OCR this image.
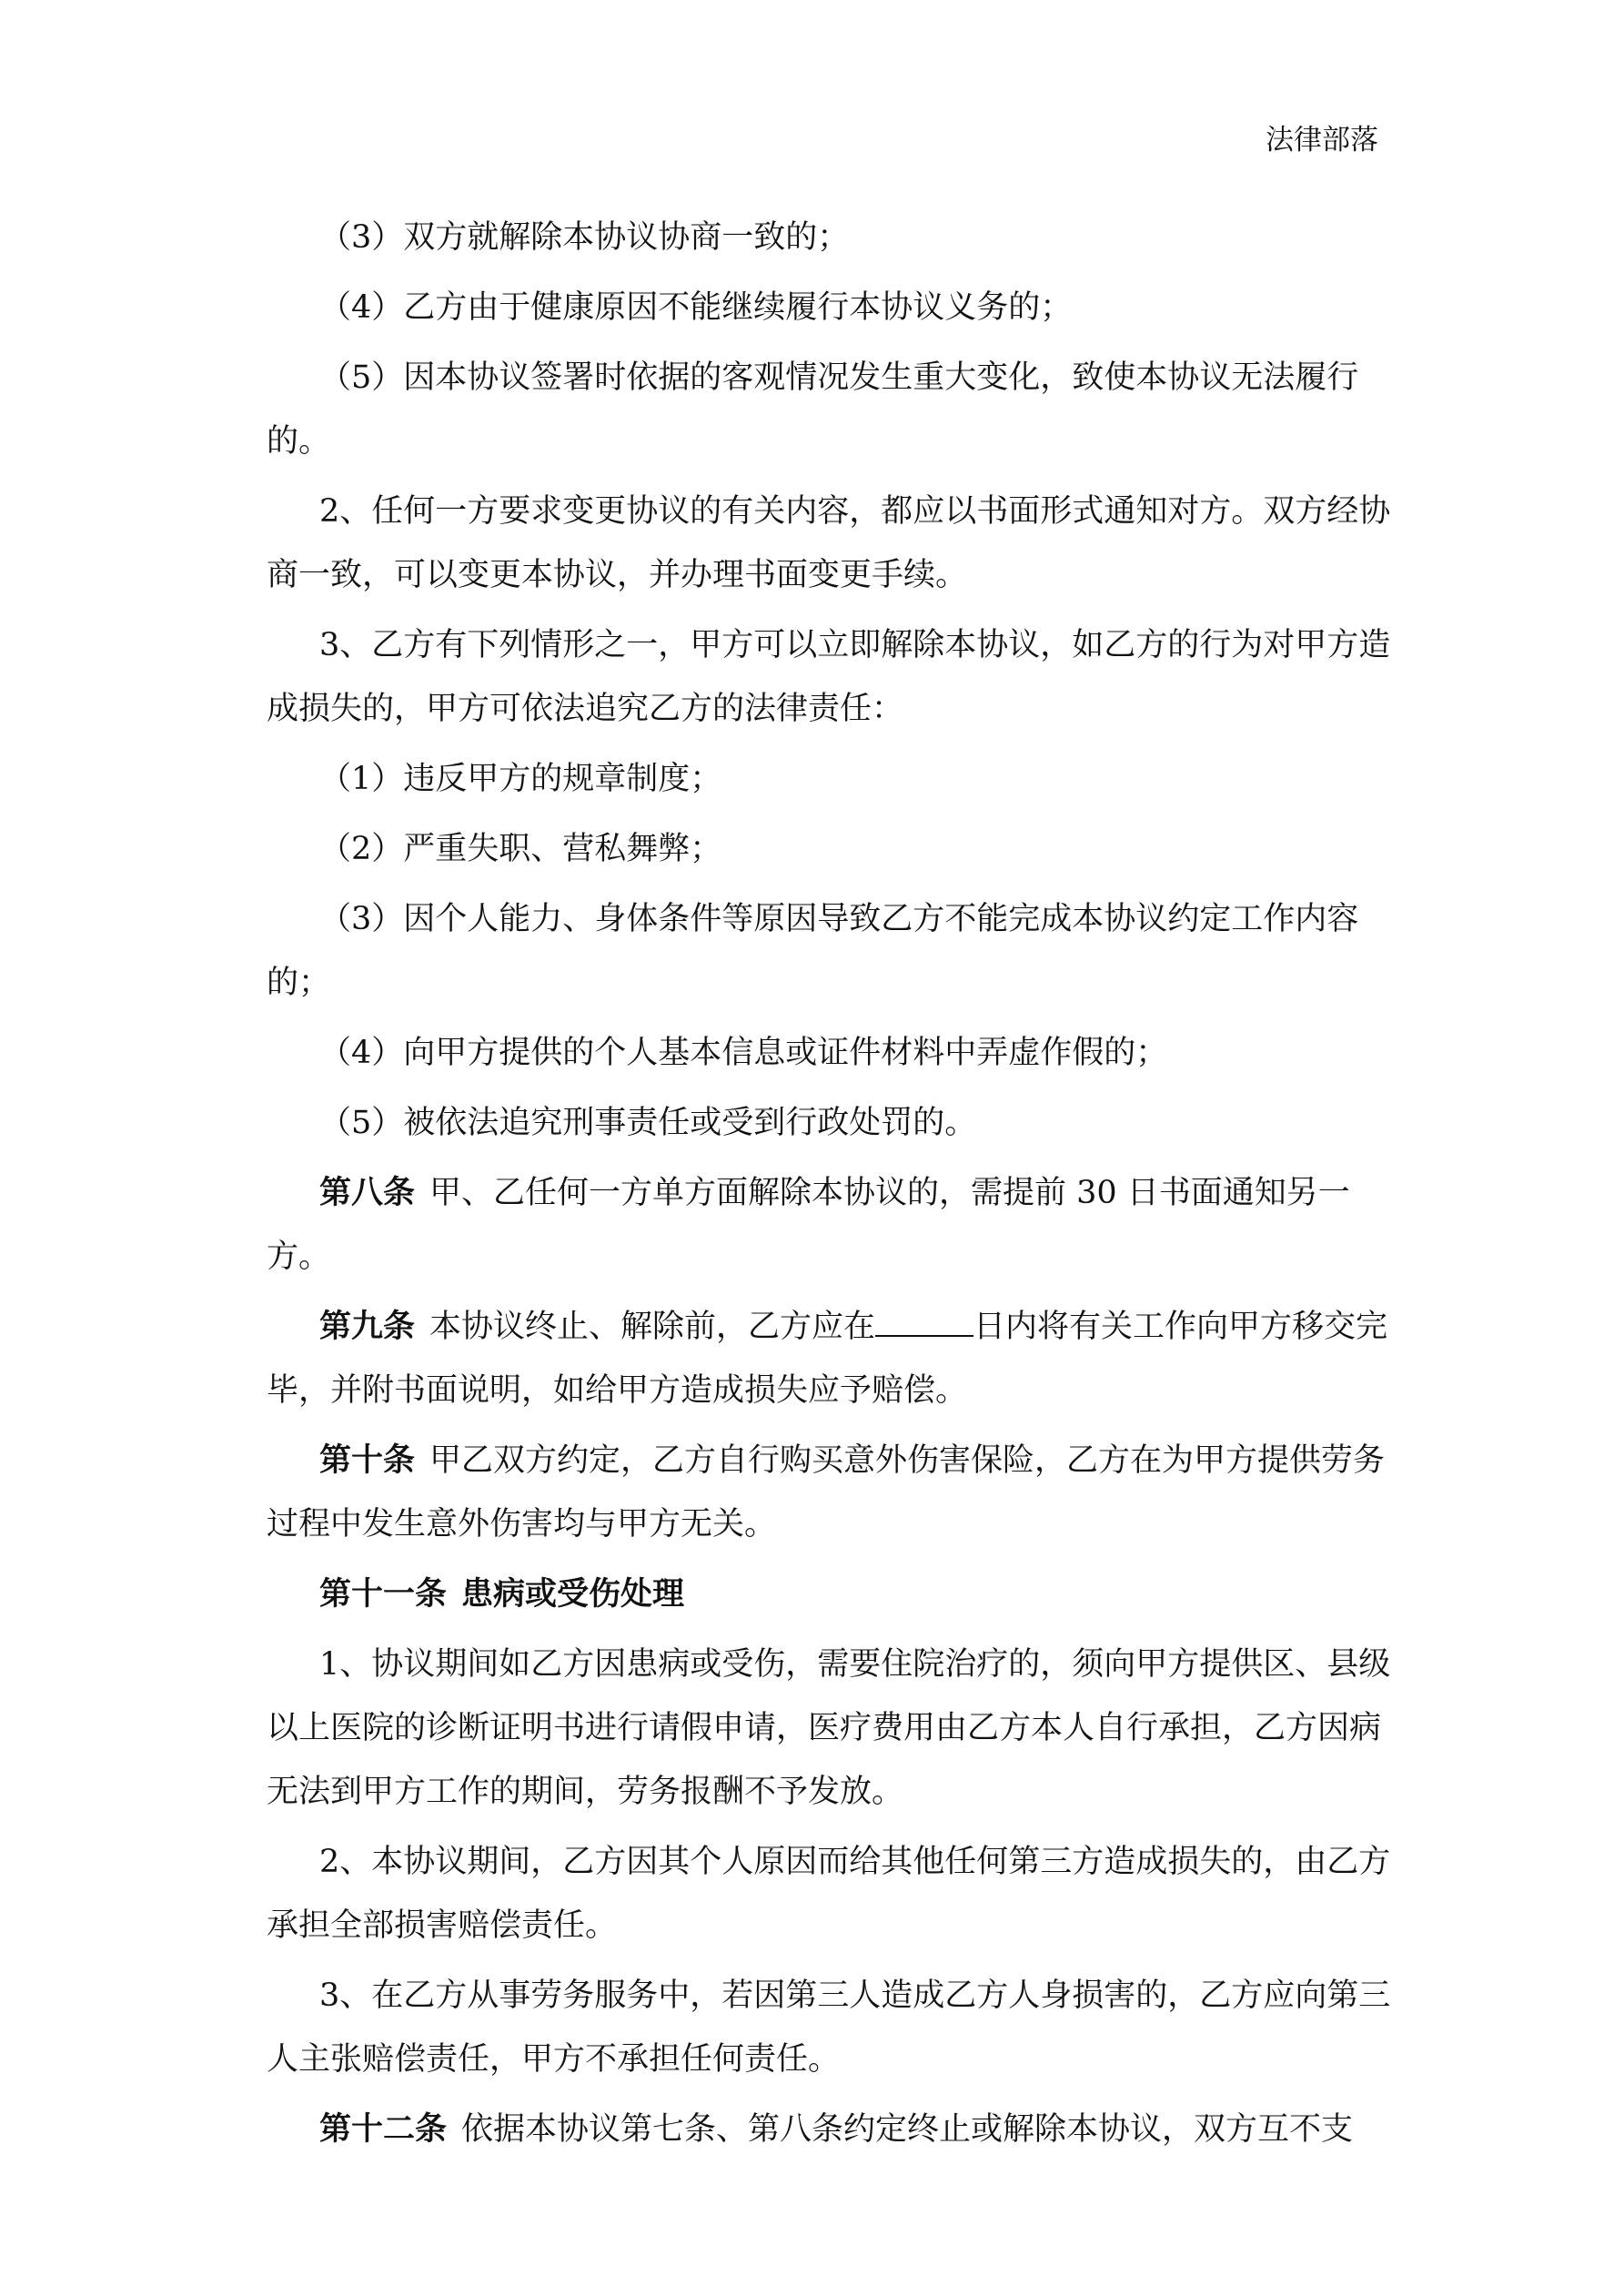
法律部落

（3）双方就解除本协议协商一致的；

（4）乙方由于健康原因不能继续履行本协议义务的；

（5）因本协议签署时依据的客观情况发生重大变化，致使本协议无法履行的。

2、任何一方要求变更协议的有关内容，都应以书面形式通知对方。双方经协商一致，可以变更本协议，并办理书面变更手续。

3、乙方有下列情形之一，甲方可以立即解除本协议，如乙方的行为对甲方造成损失的，甲方可依法追究乙方的法律责任：

（1）违反甲方的规章制度；

（2）严重失职、营私舞弊；

（3）因个人能力、身体条件等原因导致乙方不能完成本协议约定工作内容的；

（4）向甲方提供的个人基本信息或证件材料中弄虚作假的；

（5）被依法追究刑事责任或受到行政处罚的。

第八条 甲、乙任何一方单方面解除本协议的，需提前 30 日书面通知另一方。

第九条 本协议终止、解除前，乙方应在	日内将有关工作向甲方移交完毕，并附书面说明，如给甲方造成损失应予赔偿。

第十条 甲乙双方约定，乙方自行购买意外伤害保险，乙方在为甲方提供劳务过程中发生意外伤害均与甲方无关。

第十一条 患病或受伤处理

1、协议期间如乙方因患病或受伤，需要住院治疗的，须向甲方提供区、县级以上医院的诊断证明书进行请假申请，医疗费用由乙方本人自行承担，乙方因病无法到甲方工作的期间，劳务报酬不予发放。

2、本协议期间，乙方因其个人原因而给其他任何第三方造成损失的，由乙方承担全部损害赔偿责任。

3、在乙方从事劳务服务中，若因第三人造成乙方人身损害的，乙方应向第三人主张赔偿责任，甲方不承担任何责任。

第十二条 依据本协议第七条、第八条约定终止或解除本协议，双方互不支
